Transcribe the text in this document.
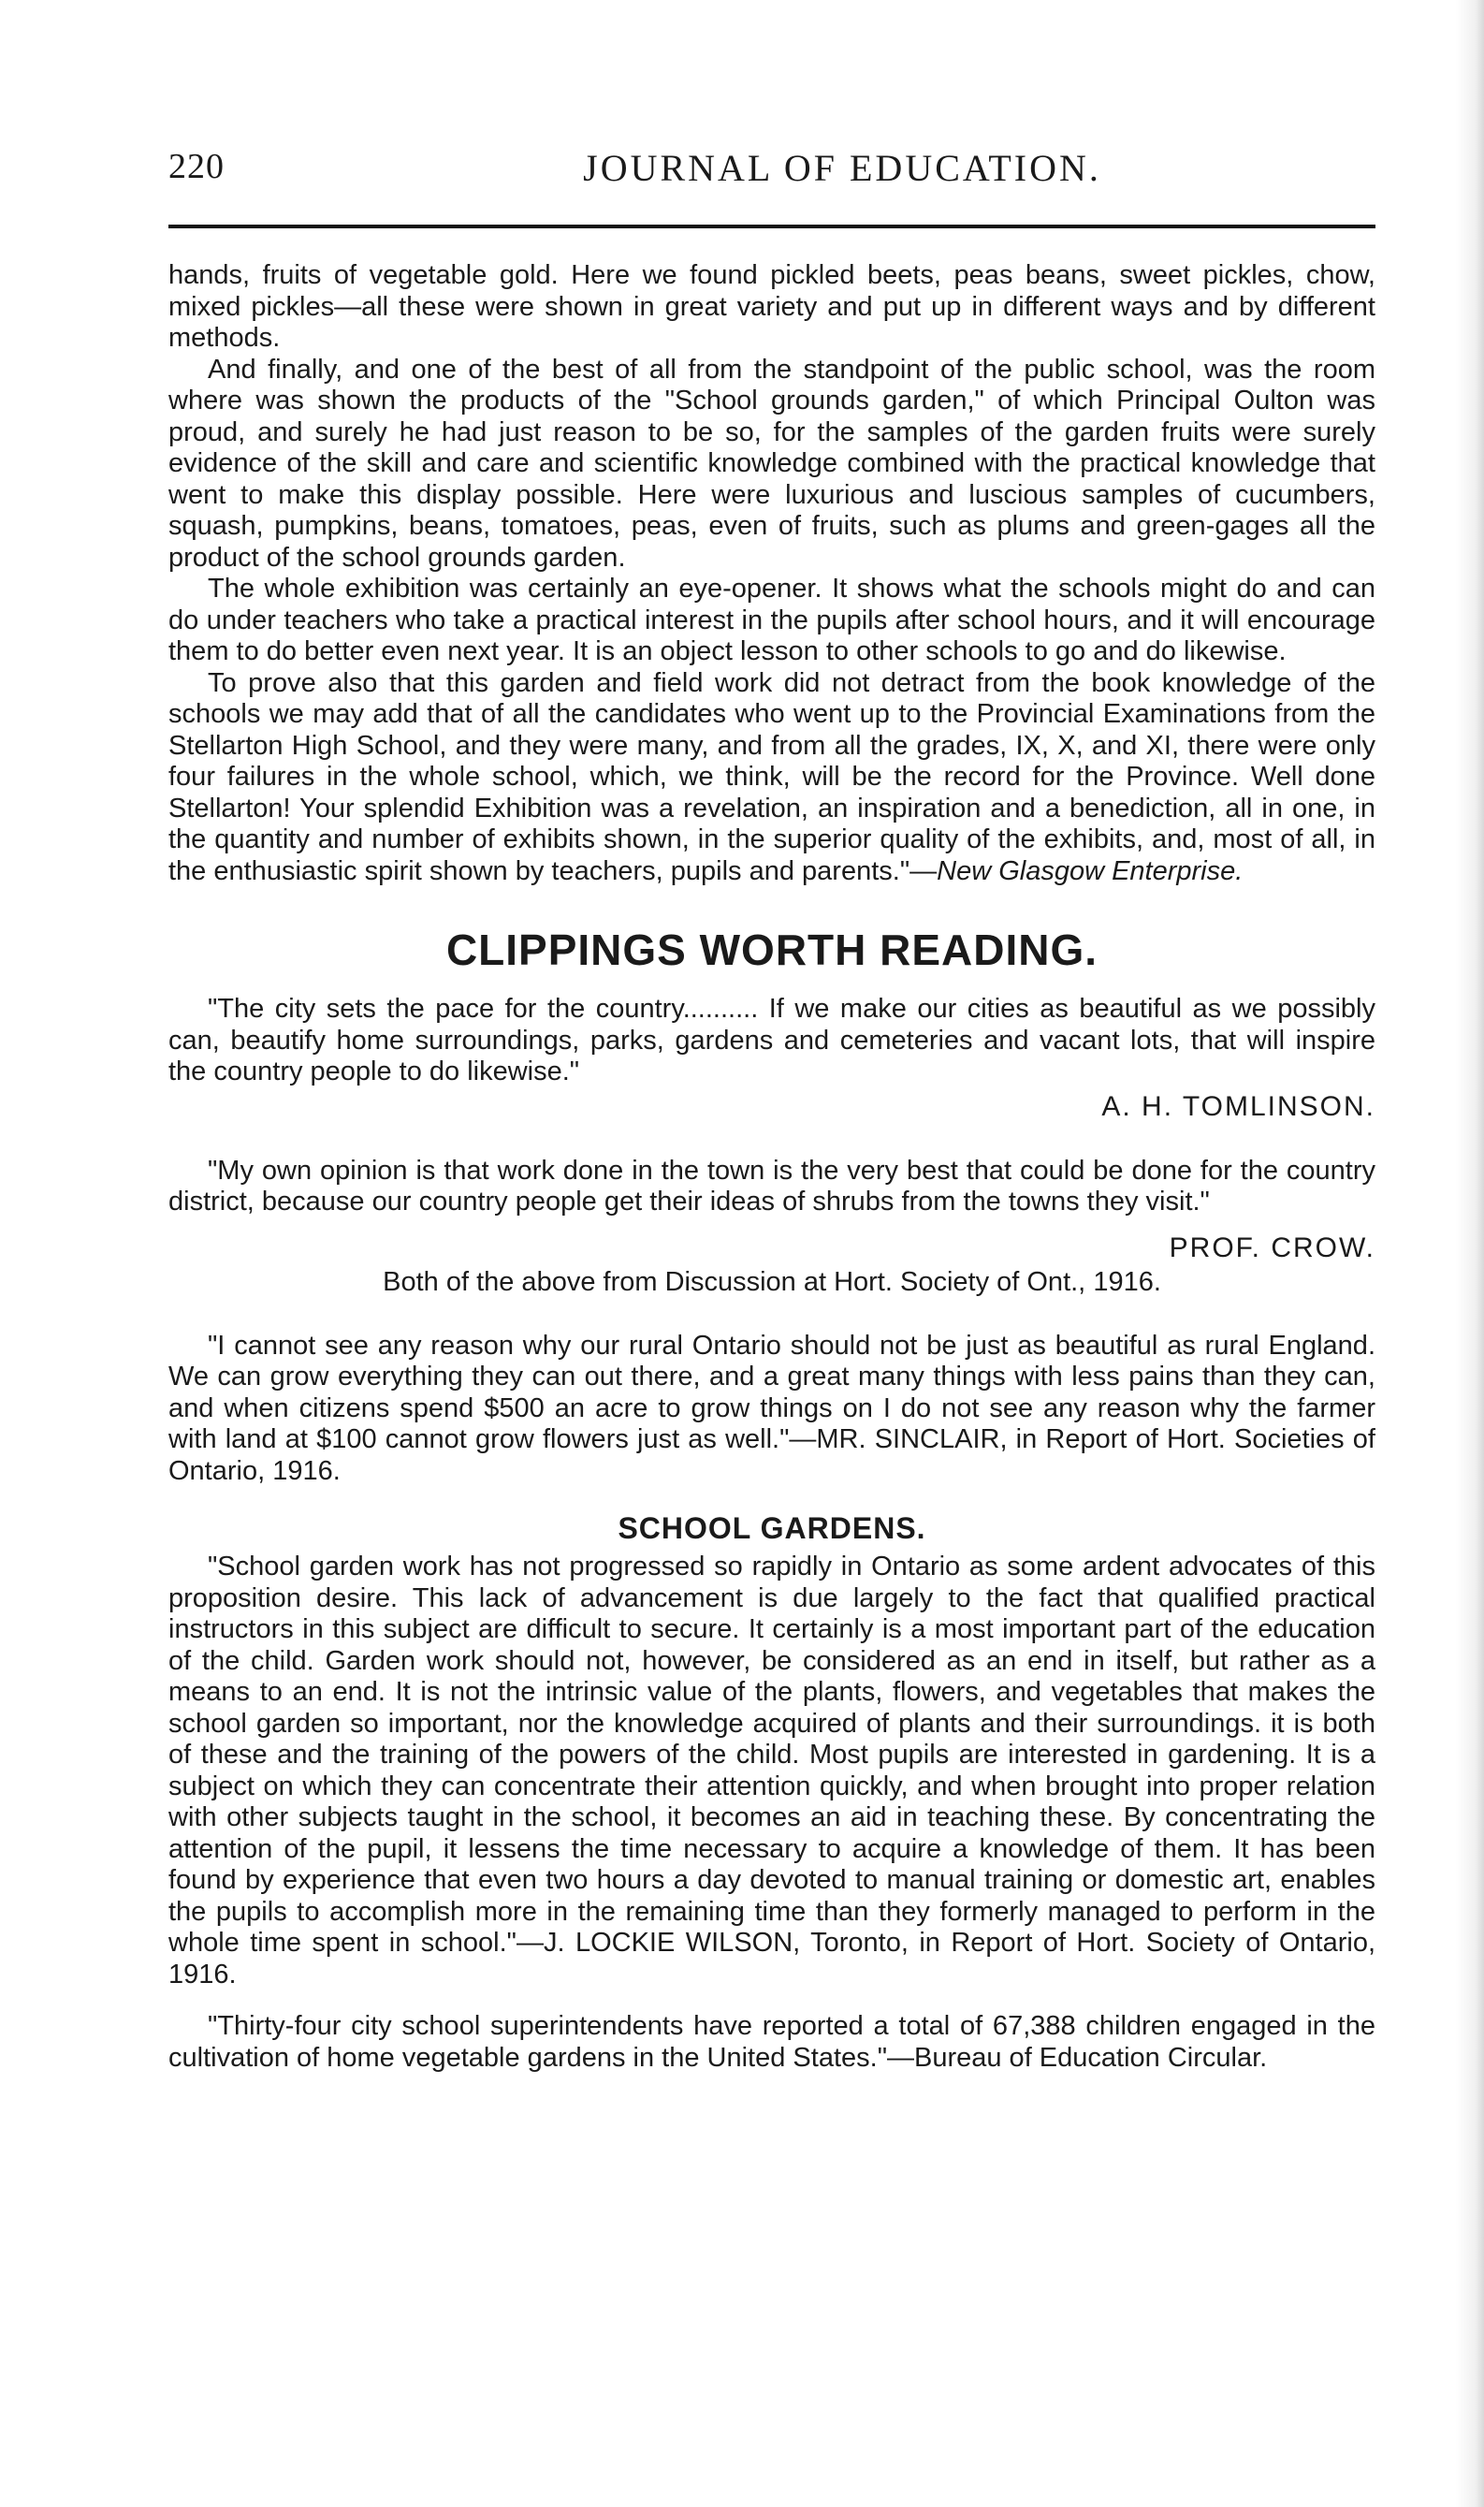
220	JOURNAL OF EDUCATION.

hands, fruits of vegetable gold. Here we found pickled beets, peas beans, sweet pickles, chow, mixed pickles—all these were shown in great variety and put up in different ways and by different methods.

And finally, and one of the best of all from the standpoint of the public school, was the room where was shown the products of the "School grounds garden," of which Principal Oulton was proud, and surely he had just reason to be so, for the samples of the garden fruits were surely evidence of the skill and care and scientific knowledge combined with the practical knowledge that went to make this display possible. Here were luxurious and luscious samples of cucumbers, squash, pumpkins, beans, tomatoes, peas, even of fruits, such as plums and green-gages all the product of the school grounds garden.

The whole exhibition was certainly an eye-opener. It shows what the schools might do and can do under teachers who take a practical interest in the pupils after school hours, and it will encourage them to do better even next year. It is an object lesson to other schools to go and do likewise.

To prove also that this garden and field work did not detract from the book knowledge of the schools we may add that of all the candidates who went up to the Provincial Examinations from the Stellarton High School, and they were many, and from all the grades, IX, X, and XI, there were only four failures in the whole school, which, we think, will be the record for the Province. Well done Stellarton! Your splendid Exhibition was a revelation, an inspiration and a benediction, all in one, in the quantity and number of exhibits shown, in the superior quality of the exhibits, and, most of all, in the enthusiastic spirit shown by teachers, pupils and parents."—New Glasgow Enterprise.

CLIPPINGS WORTH READING.

"The city sets the pace for the country.......... If we make our cities as beautiful as we possibly can, beautify home surroundings, parks, gardens and cemeteries and vacant lots, that will inspire the country people to do likewise."

A. H. TOMLINSON.

"My own opinion is that work done in the town is the very best that could be done for the country district, because our country people get their ideas of shrubs from the towns they visit."

PROF. CROW.
Both of the above from Discussion at Hort. Society of Ont., 1916.

"I cannot see any reason why our rural Ontario should not be just as beautiful as rural England. We can grow everything they can out there, and a great many things with less pains than they can, and when citizens spend $500 an acre to grow things on I do not see any reason why the farmer with land at $100 cannot grow flowers just as well."—MR. SINCLAIR, in Report of Hort. Societies of Ontario, 1916.

SCHOOL GARDENS.

"School garden work has not progressed so rapidly in Ontario as some ardent advocates of this proposition desire. This lack of advancement is due largely to the fact that qualified practical instructors in this subject are difficult to secure. It certainly is a most important part of the education of the child. Garden work should not, however, be considered as an end in itself, but rather as a means to an end. It is not the intrinsic value of the plants, flowers, and vegetables that makes the school garden so important, nor the knowledge acquired of plants and their surroundings. it is both of these and the training of the powers of the child. Most pupils are interested in gardening. It is a subject on which they can concentrate their attention quickly, and when brought into proper relation with other subjects taught in the school, it becomes an aid in teaching these. By concentrating the attention of the pupil, it lessens the time necessary to acquire a knowledge of them. It has been found by experience that even two hours a day devoted to manual training or domestic art, enables the pupils to accomplish more in the remaining time than they formerly managed to perform in the whole time spent in school."—J. LOCKIE WILSON, Toronto, in Report of Hort. Society of Ontario, 1916.

"Thirty-four city school superintendents have reported a total of 67,388 children engaged in the cultivation of home vegetable gardens in the United States."—Bureau of Education Circular.
